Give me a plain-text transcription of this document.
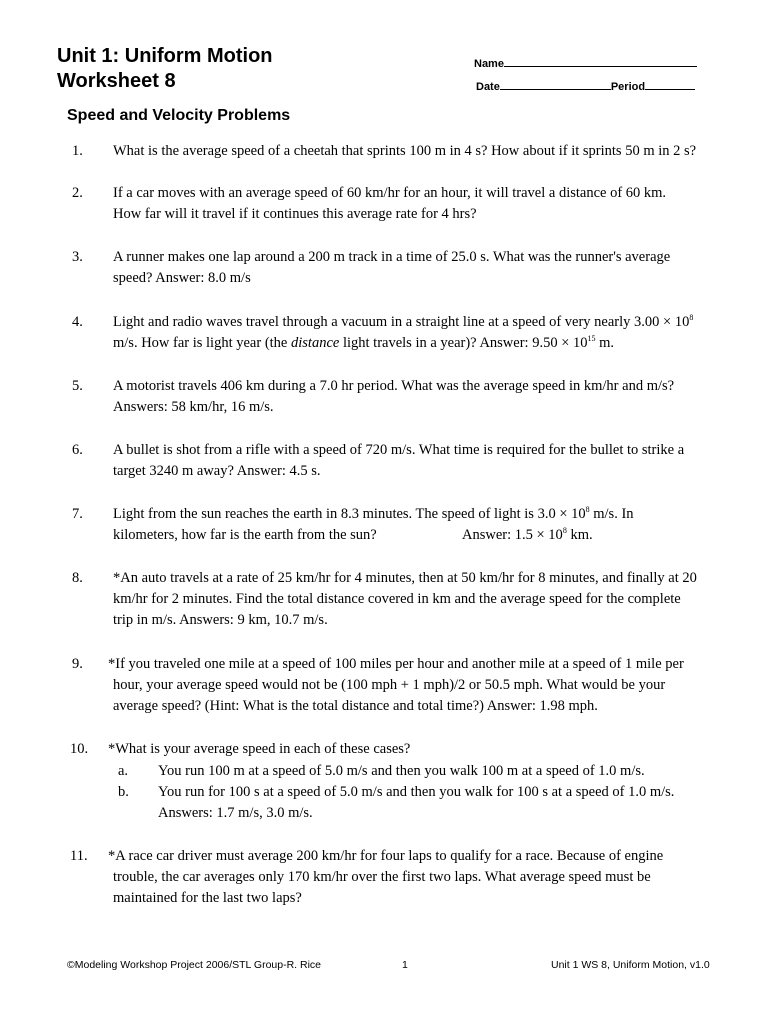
Unit 1: Uniform Motion
Worksheet 8
Name
Date	Period
Speed and Velocity Problems
1. What is the average speed of a cheetah that sprints 100 m in 4 s? How about if it sprints 50 m in 2 s?
2. If a car moves with an average speed of 60 km/hr for an hour, it will travel a distance of 60 km.
How far will it travel if it continues this average rate for 4 hrs?
3. A runner makes one lap around a 200 m track in a time of 25.0 s. What was the runner's average
speed? Answer: 8.0 m/s
4. Light and radio waves travel through a vacuum in a straight line at a speed of very nearly $3.00 \times 10^8$
m/s. How far is light year (the distance light travels in a year)? Answer: $9.50 \times 10^{15}$ m.
5. A motorist travels 406 km during a 7.0 hr period. What was the average speed in km/hr and m/s?
Answers: 58 km/hr, 16 m/s.
6. A bullet is shot from a rifle with a speed of 720 m/s. What time is required for the bullet to strike a
target 3240 m away? Answer: 4.5 s.
7. Light from the sun reaches the earth in 8.3 minutes. The speed of light is $3.0 \times 10^8$ m/s. In
kilometers, how far is the earth from the sun?	Answer: $1.5 \times 10^8$ km.
8. *An auto travels at a rate of 25 km/hr for 4 minutes, then at 50 km/hr for 8 minutes, and finally at 20
km/hr for 2 minutes. Find the total distance covered in km and the average speed for the complete
trip in m/s. Answers: 9 km, 10.7 m/s.
9. *If you traveled one mile at a speed of 100 miles per hour and another mile at a speed of 1 mile per
hour, your average speed would not be (100 mph + 1 mph)/2 or 50.5 mph. What would be your
average speed? (Hint: What is the total distance and total time?) Answer: 1.98 mph.
10. *What is your average speed in each of these cases?
a. You run 100 m at a speed of 5.0 m/s and then you walk 100 m at a speed of 1.0 m/s.
b. You run for 100 s at a speed of 5.0 m/s and then you walk for 100 s at a speed of 1.0 m/s.
Answers: 1.7 m/s, 3.0 m/s.
11. *A race car driver must average 200 km/hr for four laps to qualify for a race. Because of engine
trouble, the car averages only 170 km/hr over the first two laps. What average speed must be
maintained for the last two laps?
©Modeling Workshop Project 2006/STL Group-R. Rice	1	Unit 1 WS 8, Uniform Motion, v1.0
